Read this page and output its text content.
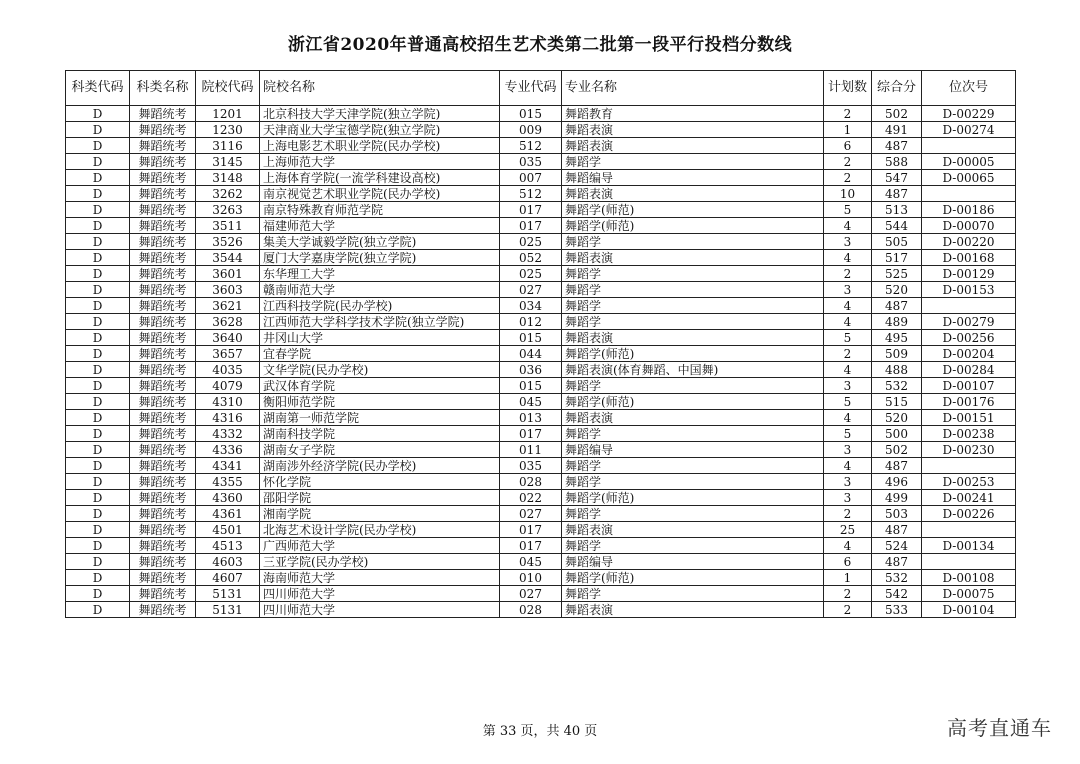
浙江省2020年普通高校招生艺术类第二批第一段平行投档分数线
科类代码	科类名称	院校代码	院校名称	专业代码	专业名称	计划数	综合分	位次号
D	舞蹈统考	1201	北京科技大学天津学院(独立学院)	015	舞蹈教育	2	502	D-00229
D	舞蹈统考	1230	天津商业大学宝德学院(独立学院)	009	舞蹈表演	1	491	D-00274
D	舞蹈统考	3116	上海电影艺术职业学院(民办学校)	512	舞蹈表演	6	487	
D	舞蹈统考	3145	上海师范大学	035	舞蹈学	2	588	D-00005
D	舞蹈统考	3148	上海体育学院(一流学科建设高校)	007	舞蹈编导	2	547	D-00065
D	舞蹈统考	3262	南京视觉艺术职业学院(民办学校)	512	舞蹈表演	10	487	
D	舞蹈统考	3263	南京特殊教育师范学院	017	舞蹈学(师范)	5	513	D-00186
D	舞蹈统考	3511	福建师范大学	017	舞蹈学(师范)	4	544	D-00070
D	舞蹈统考	3526	集美大学诚毅学院(独立学院)	025	舞蹈学	3	505	D-00220
D	舞蹈统考	3544	厦门大学嘉庚学院(独立学院)	052	舞蹈表演	4	517	D-00168
D	舞蹈统考	3601	东华理工大学	025	舞蹈学	2	525	D-00129
D	舞蹈统考	3603	赣南师范大学	027	舞蹈学	3	520	D-00153
D	舞蹈统考	3621	江西科技学院(民办学校)	034	舞蹈学	4	487	
D	舞蹈统考	3628	江西师范大学科学技术学院(独立学院)	012	舞蹈学	4	489	D-00279
D	舞蹈统考	3640	井冈山大学	015	舞蹈表演	5	495	D-00256
D	舞蹈统考	3657	宜春学院	044	舞蹈学(师范)	2	509	D-00204
D	舞蹈统考	4035	文华学院(民办学校)	036	舞蹈表演(体育舞蹈、中国舞)	4	488	D-00284
D	舞蹈统考	4079	武汉体育学院	015	舞蹈学	3	532	D-00107
D	舞蹈统考	4310	衡阳师范学院	045	舞蹈学(师范)	5	515	D-00176
D	舞蹈统考	4316	湖南第一师范学院	013	舞蹈表演	4	520	D-00151
D	舞蹈统考	4332	湖南科技学院	017	舞蹈学	5	500	D-00238
D	舞蹈统考	4336	湖南女子学院	011	舞蹈编导	3	502	D-00230
D	舞蹈统考	4341	湖南涉外经济学院(民办学校)	035	舞蹈学	4	487	
D	舞蹈统考	4355	怀化学院	028	舞蹈学	3	496	D-00253
D	舞蹈统考	4360	邵阳学院	022	舞蹈学(师范)	3	499	D-00241
D	舞蹈统考	4361	湘南学院	027	舞蹈学	2	503	D-00226
D	舞蹈统考	4501	北海艺术设计学院(民办学校)	017	舞蹈表演	25	487	
D	舞蹈统考	4513	广西师范大学	017	舞蹈学	4	524	D-00134
D	舞蹈统考	4603	三亚学院(民办学校)	045	舞蹈编导	6	487	
D	舞蹈统考	4607	海南师范大学	010	舞蹈学(师范)	1	532	D-00108
D	舞蹈统考	5131	四川师范大学	027	舞蹈学	2	542	D-00075
D	舞蹈统考	5131	四川师范大学	028	舞蹈表演	2	533	D-00104
第 33 页，共 40 页	高考直通车
